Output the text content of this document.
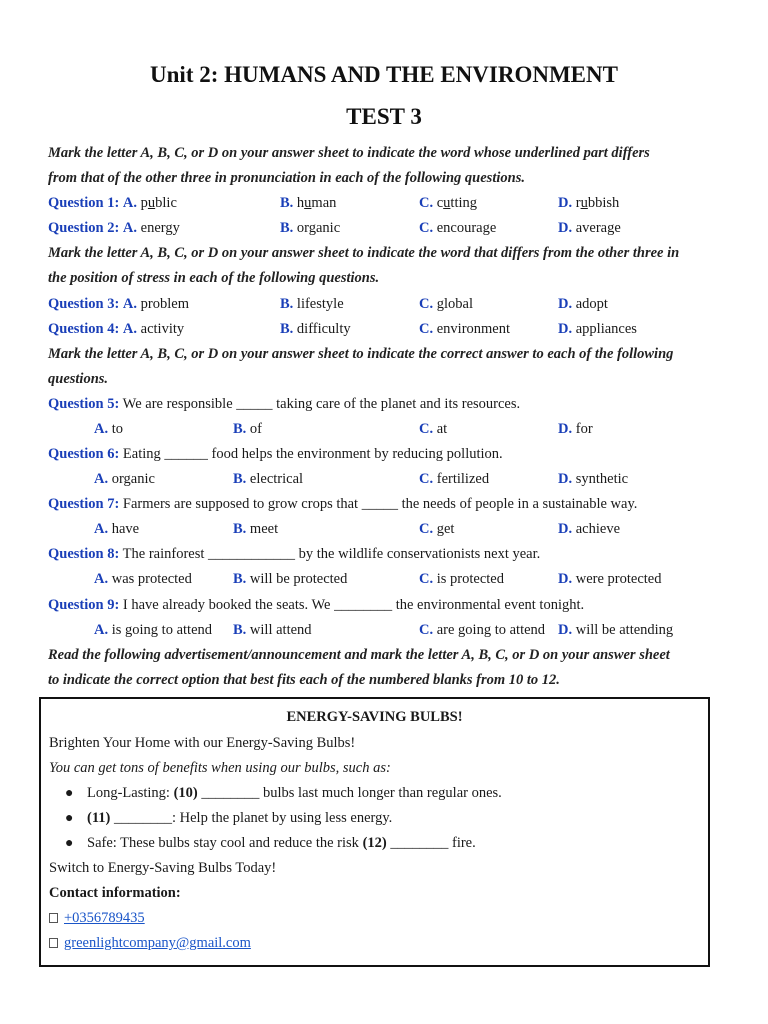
Unit 2: HUMANS AND THE ENVIRONMENT
TEST 3
Mark the letter A, B, C, or D on your answer sheet to indicate the word whose underlined part differs
from that of the other three in pronunciation in each of the following questions.
Question 1: A. public	B. human	C. cutting	D. rubbish
Question 2: A. energy	B. organic	C. encourage	D. average
Mark the letter A, B, C, or D on your answer sheet to indicate the word that differs from the other three in
the position of stress in each of the following questions.
Question 3: A. problem	B. lifestyle	C. global	D. adopt
Question 4: A. activity	B. difficulty	C. environment	D. appliances
Mark the letter A, B, C, or D on your answer sheet to indicate the correct answer to each of the following
questions.
Question 5: We are responsible _____ taking care of the planet and its resources.
A. to	B. of	C. at	D. for
Question 6: Eating ______ food helps the environment by reducing pollution.
A. organic	B. electrical	C. fertilized	D. synthetic
Question 7: Farmers are supposed to grow crops that _____ the needs of people in a sustainable way.
A. have	B. meet	C. get	D. achieve
Question 8: The rainforest ____________ by the wildlife conservationists next year.
A. was protected	B. will be protected	C. is protected	D. were protected
Question 9: I have already booked the seats. We ________ the environmental event tonight.
A. is going to attend B. will attend	C. are going to attend D. will be attending
Read the following advertisement/announcement and mark the letter A, B, C, or D on your answer sheet
to indicate the correct option that best fits each of the numbered blanks from 10 to 12.
ENERGY-SAVING BULBS!
Brighten Your Home with our Energy-Saving Bulbs!
You can get tons of benefits when using our bulbs, such as:
● Long-Lasting: (10) ________ bulbs last much longer than regular ones.
● (11) ________: Help the planet by using less energy.
● Safe: These bulbs stay cool and reduce the risk (12) ________ fire.
Switch to Energy-Saving Bulbs Today!
Contact information:
+0356789435
greenlightcompany@gmail.com
